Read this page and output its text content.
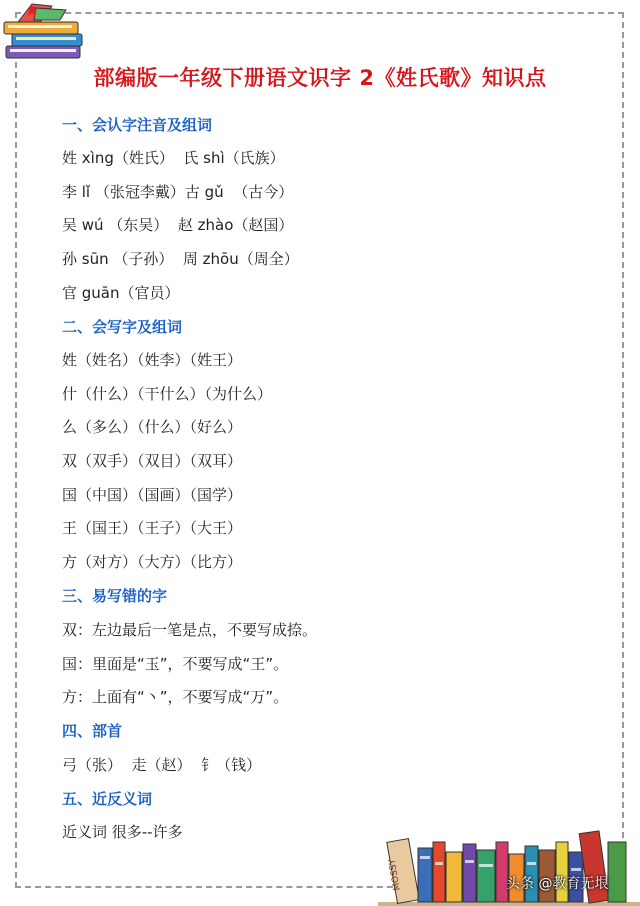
部编版一年级下册语文识字 2《姓氏歌》知识点
一、会认字注音及组词
姓 xìng（姓氏）  氏 shì（氏族）
李 lǐ （张冠李戴）古 gǔ  （古今）
吴 wú （东吴）  赵 zhào（赵国）
孙 sūn （子孙）  周 zhōu（周全）
官 guān（官员）
二、会写字及组词
姓（姓名）（姓李）（姓王）
什（什么）（干什么）（为什么）
么（多么）（什么）（好么）
双（双手）（双目）（双耳）
国（中国）（国画）（国学）
王（国王）（王子）（大王）
方（对方）（大方）（比方）
三、易写错的字
双：左边最后一笔是点，不要写成捺。
国：里面是“玉”，不要写成“王”。
方：上面有“丶”，不要写成“万”。
四、部首
弓（张）  走（赵）  钅（钱）
五、近反义词
近义词 很多--许多
MOSSY	头条 @教育无垠
